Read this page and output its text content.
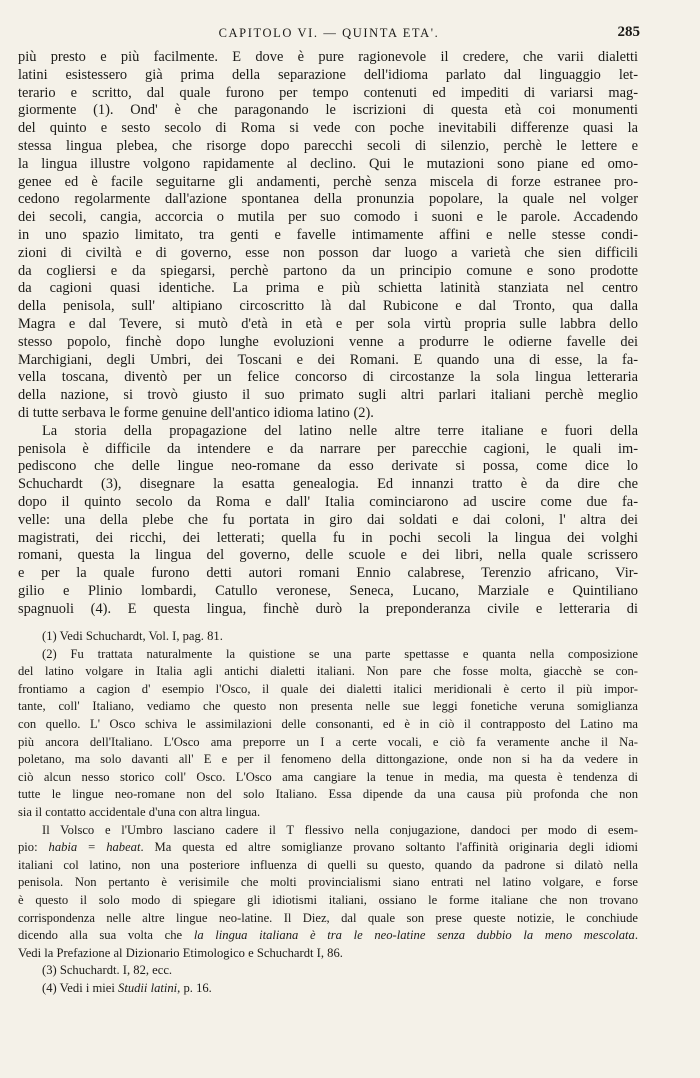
CAPITOLO VI. — QUINTA ETA'.	285

più presto e più facilmente. E dove è pure ragionevole il credere, che varii dialetti

latini esistessero già prima della separazione dell'idioma parlato dal linguaggio let-

terario e scritto, dal quale furono per tempo contenuti ed impediti di variarsi mag-

giormente (1). Ond' è che paragonando le iscrizioni di questa età coi monumenti

del quinto e sesto secolo di Roma si vede con poche inevitabili differenze quasi la

stessa lingua plebea, che risorge dopo parecchi secoli di silenzio, perchè le lettere e

la lingua illustre volgono rapidamente al declino. Qui le mutazioni sono piane ed omo-

genee ed è facile seguitarne gli andamenti, perchè senza miscela di forze estranee pro-

cedono regolarmente dall'azione spontanea della pronunzia popolare, la quale nel volger

dei secoli, cangia, accorcia o mutila per suo comodo i suoni e le parole. Accadendo

in uno spazio limitato, tra genti e favelle intimamente affini e nelle stesse condi-

zioni di civiltà e di governo, esse non posson dar luogo a varietà che sien difficili

da cogliersi e da spiegarsi, perchè partono da un principio comune e sono prodotte

da cagioni quasi identiche. La prima e più schietta latinità stanziata nel centro

della penisola, sull' altipiano circoscritto là dal Rubicone e dal Tronto, qua dalla

Magra e dal Tevere, si mutò d'età in età e per sola virtù propria sulle labbra dello

stesso popolo, finchè dopo lunghe evoluzioni venne a produrre le odierne favelle dei

Marchigiani, degli Umbri, dei Toscani e dei Romani. E quando una di esse, la fa-

vella toscana, diventò per un felice concorso di circostanze la sola lingua letteraria

della nazione, si trovò giusto il suo primato sugli altri parlari italiani perchè meglio

di tutte serbava le forme genuine dell'antico idioma latino (2).

La storia della propagazione del latino nelle altre terre italiane e fuori della

penisola è difficile da intendere e da narrare per parecchie cagioni, le quali im-

pediscono che delle lingue neo-romane da esso derivate si possa, come dice lo

Schuchardt (3), disegnare la esatta genealogia. Ed innanzi tratto è da dire che

dopo il quinto secolo da Roma e dall' Italia cominciarono ad uscire come due fa-

velle: una della plebe che fu portata in giro dai soldati e dai coloni, l' altra dei

magistrati, dei ricchi, dei letterati; quella fu in pochi secoli la lingua dei volghi

romani, questa la lingua del governo, delle scuole e dei libri, nella quale scrissero

e per la quale furono detti autori romani Ennio calabrese, Terenzio africano, Vir-

gilio e Plinio lombardi, Catullo veronese, Seneca, Lucano, Marziale e Quintiliano

spagnuoli (4). E questa lingua, finchè durò la preponderanza civile e letteraria di

(1) Vedi Schuchardt, Vol. I, pag. 81.
(2) Fu trattata naturalmente la quistione se una parte spettasse e quanta nella composizione
del latino volgare in Italia agli antichi dialetti italiani. Non pare che fosse molta, giacchè se con-
frontiamo a cagion d' esempio l'Osco, il quale dei dialetti italici meridionali è certo il più impor-
tante, coll' Italiano, vediamo che questo non presenta nelle sue leggi fonetiche veruna somiglianza
con quello. L' Osco schiva le assimilazioni delle consonanti, ed è in ciò il contrapposto del Latino ma
più ancora dell'Italiano. L'Osco ama preporre un I a certe vocali, e ciò fa veramente anche il Na-
poletano, ma solo davanti all' E e per il fenomeno della dittongazione, onde non si ha da vedere in
ciò alcun nesso storico coll' Osco. L'Osco ama cangiare la tenue in media, ma questa è tendenza di
tutte le lingue neo-romane non del solo Italiano. Essa dipende da una causa più profonda che non
sia il contatto accidentale d'una con altra lingua.
Il Volsco e l'Umbro lasciano cadere il T flessivo nella conjugazione, dandoci per modo di esem-
pio: habia = habeat. Ma questa ed altre somiglianze provano soltanto l'affinità originaria degli idiomi
italiani col latino, non una posteriore influenza di quelli su questo, quando da padrone si dilatò nella
penisola. Non pertanto è verisimile che molti provincialismi siano entrati nel latino volgare, e forse
è questo il solo modo di spiegare gli idiotismi italiani, ossiano le forme italiane che non trovano
corrispondenza nelle altre lingue neo-latine. Il Diez, dal quale son prese queste notizie, le conchiude
dicendo alla sua volta che la lingua italiana è tra le neo-latine senza dubbio la meno mescolata.
Vedi la Prefazione al Dizionario Etimologico e Schuchardt I, 86.
(3) Schuchardt. I, 82, ecc.
(4) Vedi i miei Studii latini, p. 16.
